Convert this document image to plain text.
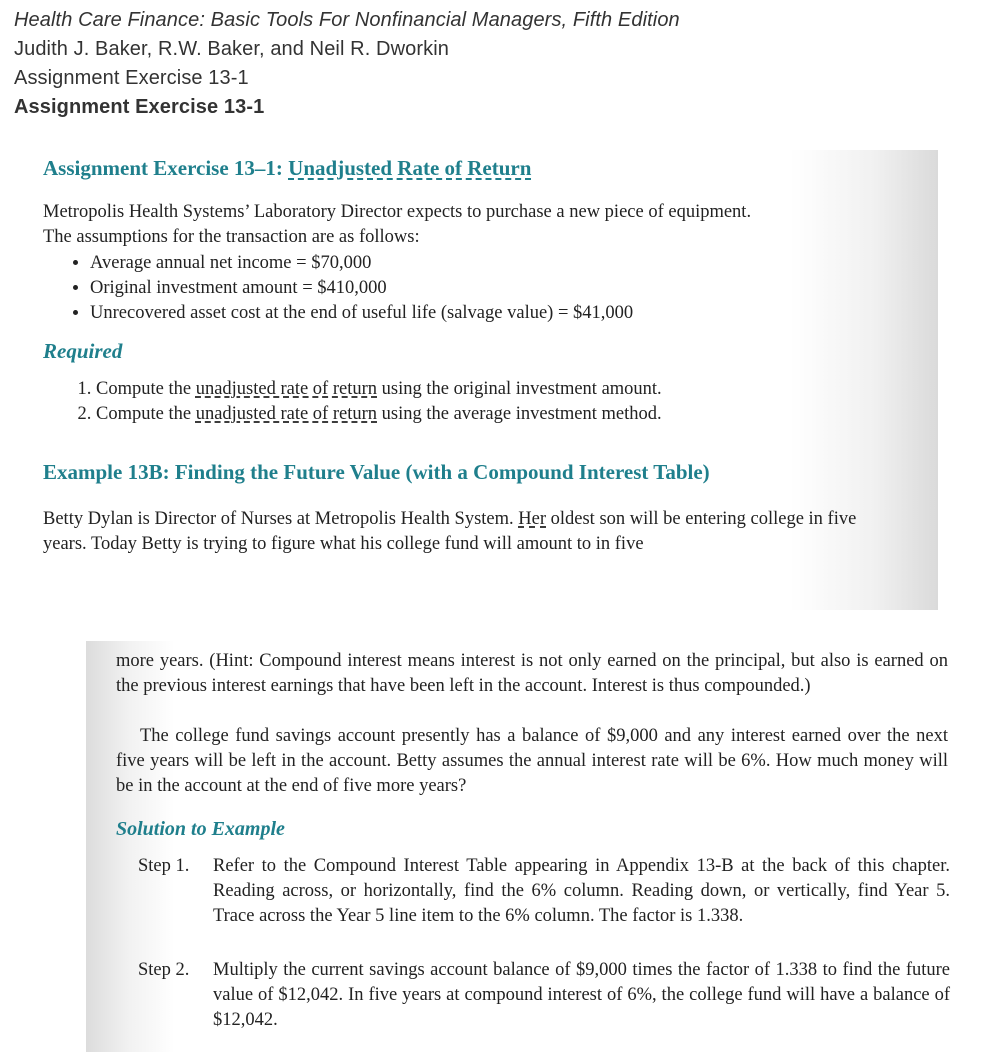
Health Care Finance: Basic Tools For Nonfinancial Managers, Fifth Edition
Judith J. Baker, R.W. Baker, and Neil R. Dworkin
Assignment Exercise 13-1
Assignment Exercise 13-1
Assignment Exercise 13–1: Unadjusted Rate of Return

Metropolis Health Systems’ Laboratory Director expects to purchase a new piece of equipment.

The assumptions for the transaction are as follows:

• Average annual net income = $70,000
• Original investment amount = $410,000
• Unrecovered asset cost at the end of useful life (salvage value) = $41,000
Required
1. Compute the unadjusted rate of return using the original investment amount.
2. Compute the unadjusted rate of return using the average investment method.
Example 13B: Finding the Future Value (with a Compound Interest Table)

Betty Dylan is Director of Nurses at Metropolis Health System. Her oldest son will be entering college in five years. Today Betty is trying to figure what his college fund will amount to in five

more years. (Hint: Compound interest means interest is not only earned on the principal, but also is earned on the previous interest earnings that have been left in the account. Interest is thus compounded.)

The college fund savings account presently has a balance of $9,000 and any interest earned over the next five years will be left in the account. Betty assumes the annual interest rate will be 6%. How much money will be in the account at the end of five more years?

Solution to Example
Step 1.	Refer to the Compound Interest Table appearing in Appendix 13-B at the back of this chapter. Reading across, or horizontally, find the 6% column. Reading down, or vertically, find Year 5. Trace across the Year 5 line item to the 6% column. The factor is 1.338.
Step 2.	Multiply the current savings account balance of $9,000 times the factor of 1.338 to find the future value of $12,042. In five years at compound interest of 6%, the college fund will have a balance of $12,042.
